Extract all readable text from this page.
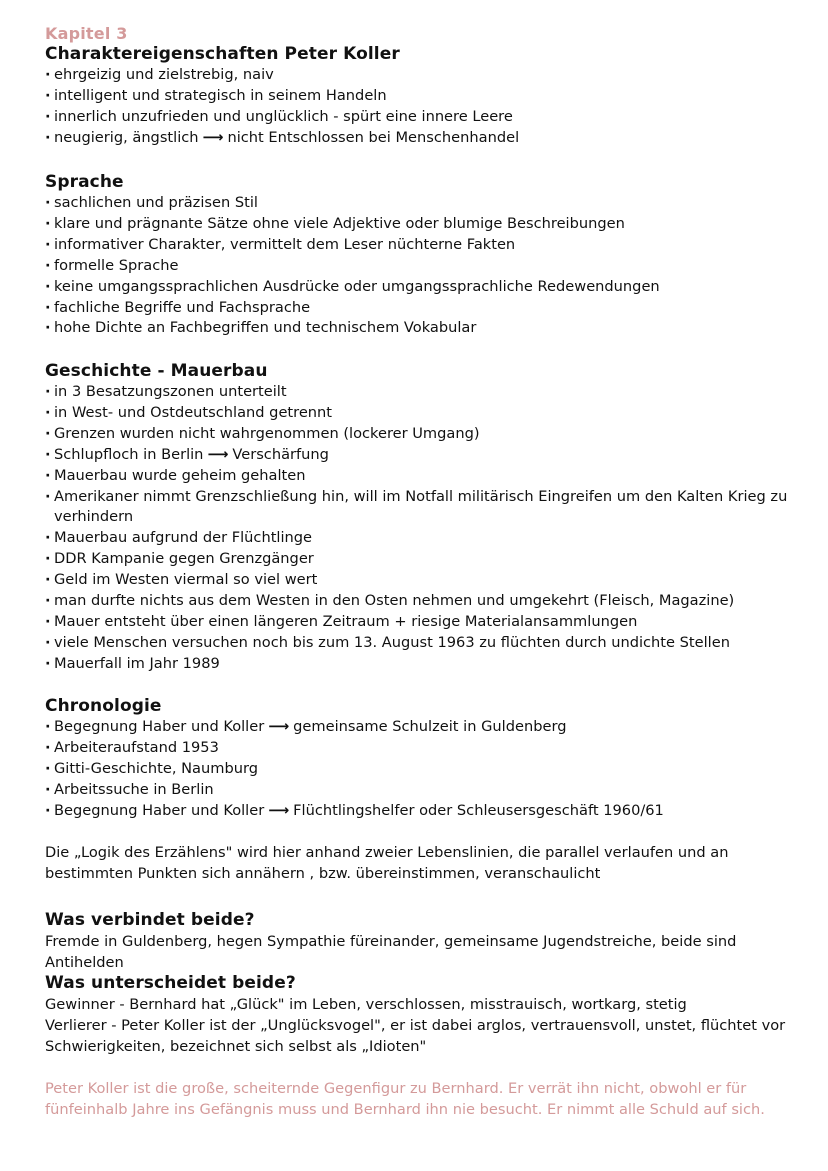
Kapitel 3
Charaktereigenschaften Peter Koller
· ehrgeizig und zielstrebig, naiv
· intelligent und strategisch in seinem Handeln
· innerlich unzufrieden und unglücklich - spürt eine innere Leere
· neugierig, ängstlich ⟶ nicht Entschlossen bei Menschenhandel
Sprache
· sachlichen und präzisen Stil
· klare und prägnante Sätze ohne viele Adjektive oder blumige Beschreibungen
· informativer Charakter, vermittelt dem Leser nüchterne Fakten
· formelle Sprache
· keine umgangssprachlichen Ausdrücke oder umgangssprachliche Redewendungen
· fachliche Begriffe und Fachsprache
· hohe Dichte an Fachbegriffen und technischem Vokabular
Geschichte - Mauerbau
· in 3 Besatzungszonen unterteilt
· in West- und Ostdeutschland getrennt
· Grenzen wurden nicht wahrgenommen (lockerer Umgang)
· Schlupfloch in Berlin ⟶ Verschärfung
· Mauerbau wurde geheim gehalten
· Amerikaner nimmt Grenzschließung hin, will im Notfall militärisch Eingreifen um den Kalten Krieg zu verhindern
· Mauerbau aufgrund der Flüchtlinge
· DDR Kampanie gegen Grenzgänger
· Geld im Westen viermal so viel wert
· man durfte nichts aus dem Westen in den Osten nehmen und umgekehrt (Fleisch, Magazine)
· Mauer entsteht über einen längeren Zeitraum + riesige Materialansammlungen
· viele Menschen versuchen noch bis zum 13. August 1963 zu flüchten durch undichte Stellen
· Mauerfall im Jahr 1989
Chronologie
· Begegnung Haber und Koller ⟶ gemeinsame Schulzeit in Guldenberg
· Arbeiteraufstand 1953
· Gitti-Geschichte, Naumburg
· Arbeitssuche in Berlin
· Begegnung Haber und Koller ⟶ Flüchtlingshelfer oder Schleusersgeschäft 1960/61
Die „Logik des Erzählens" wird hier anhand zweier Lebenslinien, die parallel verlaufen und an bestimmten Punkten sich annähern , bzw. übereinstimmen, veranschaulicht
Was verbindet beide?
Fremde in Guldenberg, hegen Sympathie füreinander, gemeinsame Jugendstreiche, beide sind Antihelden
Was unterscheidet beide?
Gewinner - Bernhard hat „Glück" im Leben, verschlossen, misstrauisch, wortkarg, stetig
Verlierer - Peter Koller ist der „Unglücksvogel", er ist dabei arglos, vertrauensvoll, unstet, flüchtet vor Schwierigkeiten, bezeichnet sich selbst als „Idioten"
Peter Koller ist die große, scheiternde Gegenfigur zu Bernhard. Er verrät ihn nicht, obwohl er für fünfeinhalb Jahre ins Gefängnis muss und Bernhard ihn nie besucht. Er nimmt alle Schuld auf sich.
